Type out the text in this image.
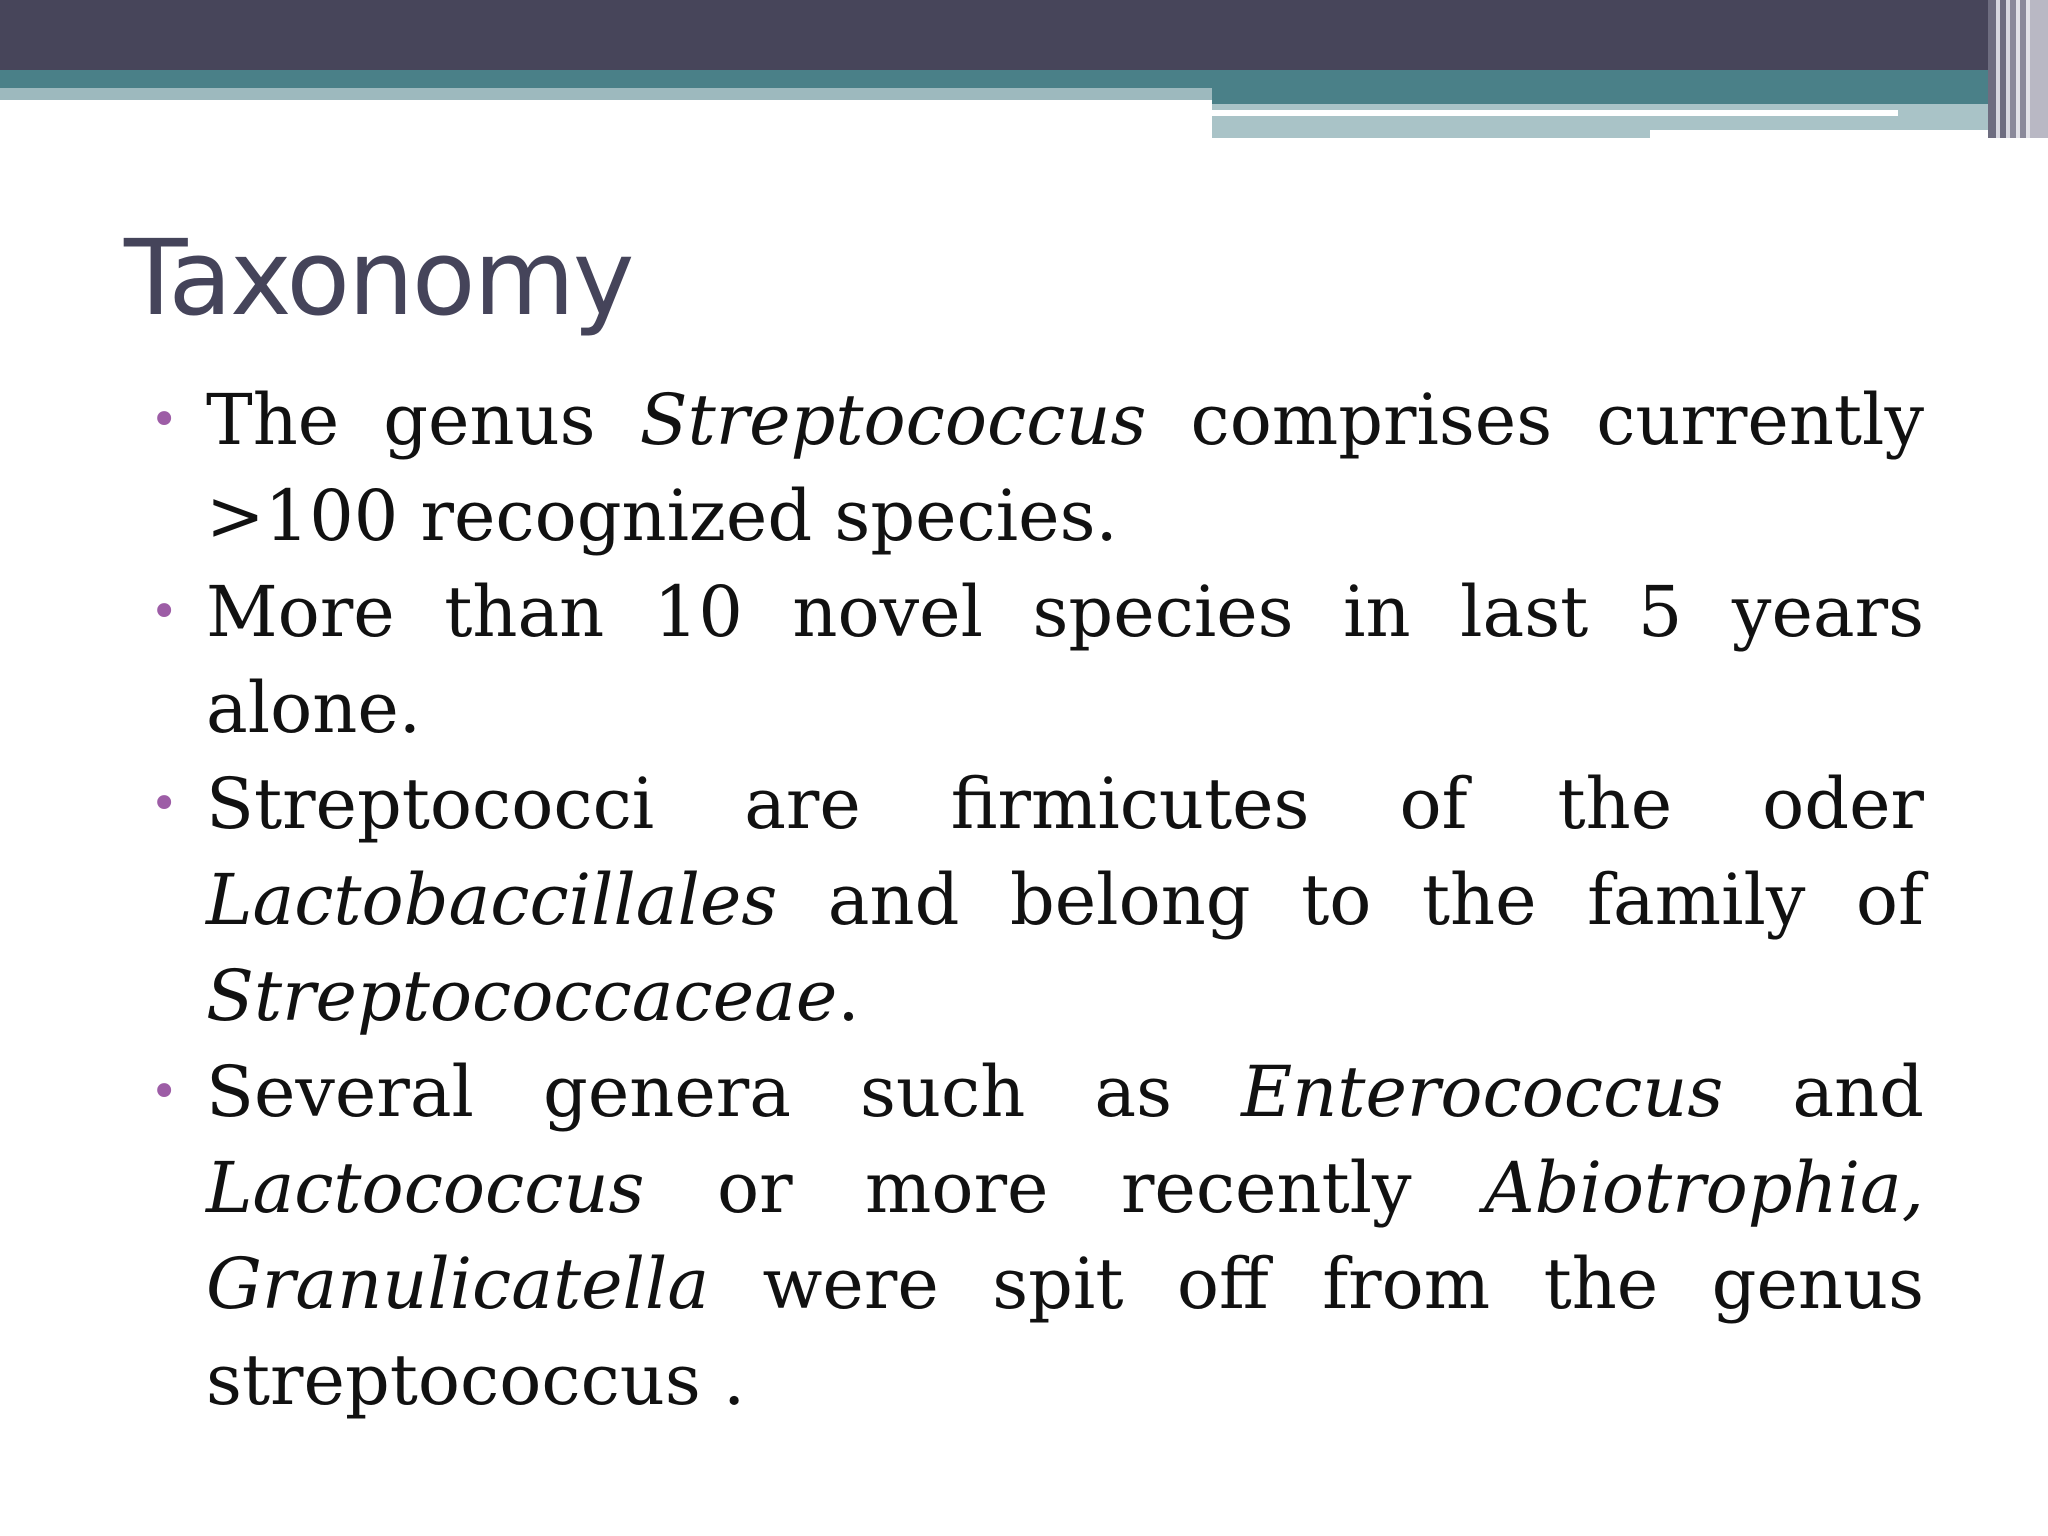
Taxonomy
• The genus Streptococcus comprises currently >100 recognized species.
• More than 10 novel species in last 5 years alone.
• Streptococci are firmicutes of the oder Lactobaccillales and belong to the family of Streptococcaceae.
• Several genera such as Enterococcus and Lactococcus or more recently Abiotrophia, Granulicatella were spit off from the genus streptococcus .
